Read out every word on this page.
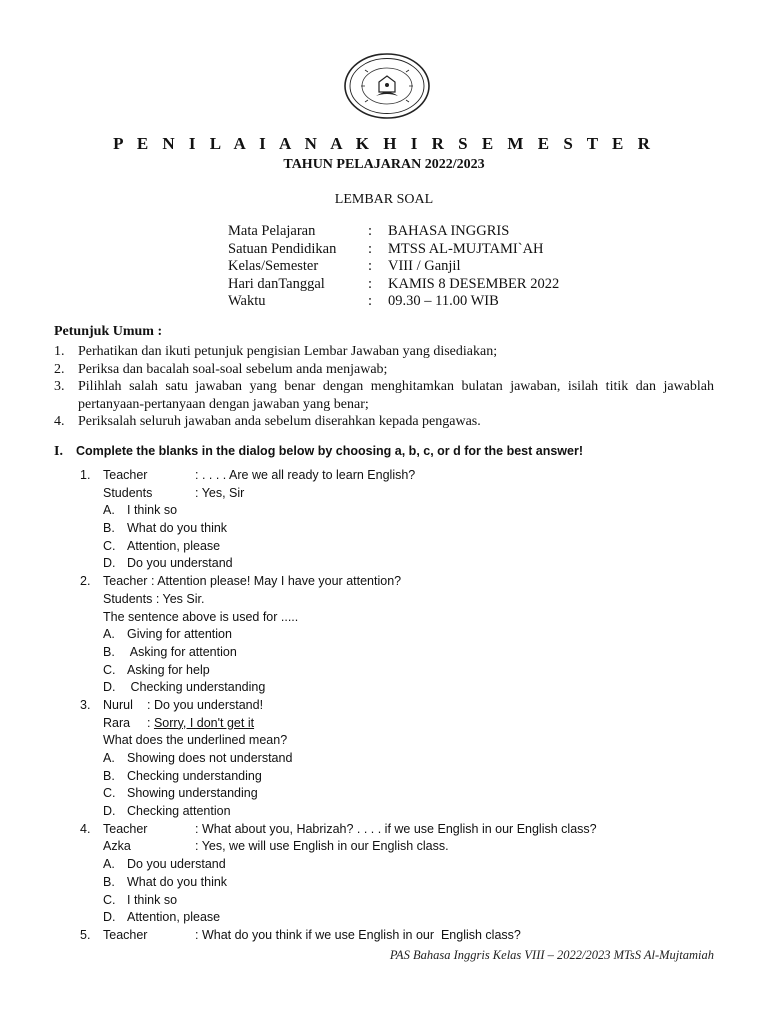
P E N I L A I A N A K H I R S E M E S T E R
TAHUN PELAJARAN 2022/2023
LEMBAR SOAL
Mata Pelajaran	:	BAHASA INGGRIS
Satuan Pendidikan	:	MTSS AL-MUJTAMI`AH
Kelas/Semester	:	VIII / Ganjil
Hari danTanggal	:	KAMIS 8 DESEMBER 2022
Waktu	:	09.30 – 11.00 WIB
Petunjuk Umum :
1. Perhatikan dan ikuti petunjuk pengisian Lembar Jawaban yang disediakan;
2. Periksa dan bacalah soal-soal sebelum anda menjawab;
3. Pilihlah salah satu jawaban yang benar dengan menghitamkan bulatan jawaban, isilah titik dan jawablah pertanyaan-pertanyaan dengan jawaban yang benar;
4. Periksalah seluruh jawaban anda sebelum diserahkan kepada pengawas.
I.	Complete the blanks in the dialog below by choosing a, b, c, or d for the best answer!
1. Teacher	: . . . . Are we all ready to learn English?
Students	: Yes, Sir
A. I think so
B. What do you think
C. Attention, please
D. Do you understand
2. Teacher : Attention please! May I have your attention?
Students : Yes Sir.
The sentence above is used for .....
A. Giving for attention
B. Asking for attention
C. Asking for help
D. Checking understanding
3. Nurul : Do you understand!
Rara : Sorry, I don't get it
What does the underlined mean?
A. Showing does not understand
B. Checking understanding
C. Showing understanding
D. Checking attention
4. Teacher	: What about you, Habrizah? . . . . if we use English in our English class?
Azka	: Yes, we will use English in our English class.
A. Do you uderstand
B. What do you think
C. I think so
D. Attention, please
5. Teacher	: What do you think if we use English in our  English class?
PAS Bahasa Inggris Kelas VIII – 2022/2023 MTsS Al-Mujtamiah
